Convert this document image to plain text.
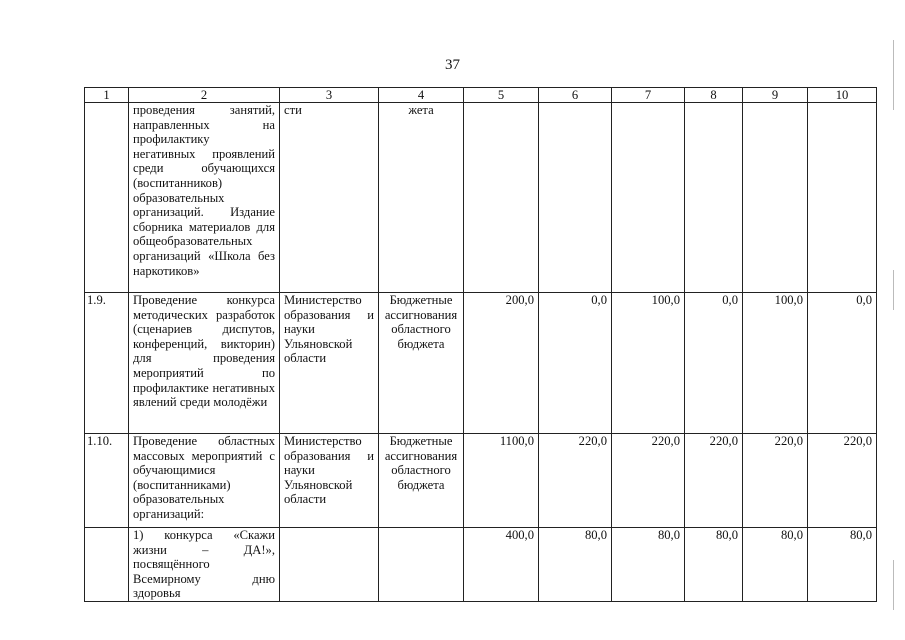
37
1	2	3	4	5	6	7	8	9	10
	проведения занятий, направленных на профилактику негативных проявлений среди обучающихся (воспитанников) образовательных организаций. Издание сборника материалов для общеобразовательных организаций «Школа без наркотиков»	сти	жета						
1.9.	Проведение конкурса методических разработок (сценариев диспутов, конференций, викторин) для проведения мероприятий по профилактике негативных явлений среди молодёжи	Министерство образования и науки Ульяновской области	Бюджетные ассигнования областного бюджета	200,0	0,0	100,0	0,0	100,0	0,0
1.10.	Проведение областных массовых мероприятий с обучающимися (воспитанниками) образовательных организаций:	Министерство образования и науки Ульяновской области	Бюджетные ассигнования областного бюджета	1100,0	220,0	220,0	220,0	220,0	220,0
	1) конкурса «Скажи жизни – ДА!», посвящённого Всемирному дню здоровья			400,0	80,0	80,0	80,0	80,0	80,0
